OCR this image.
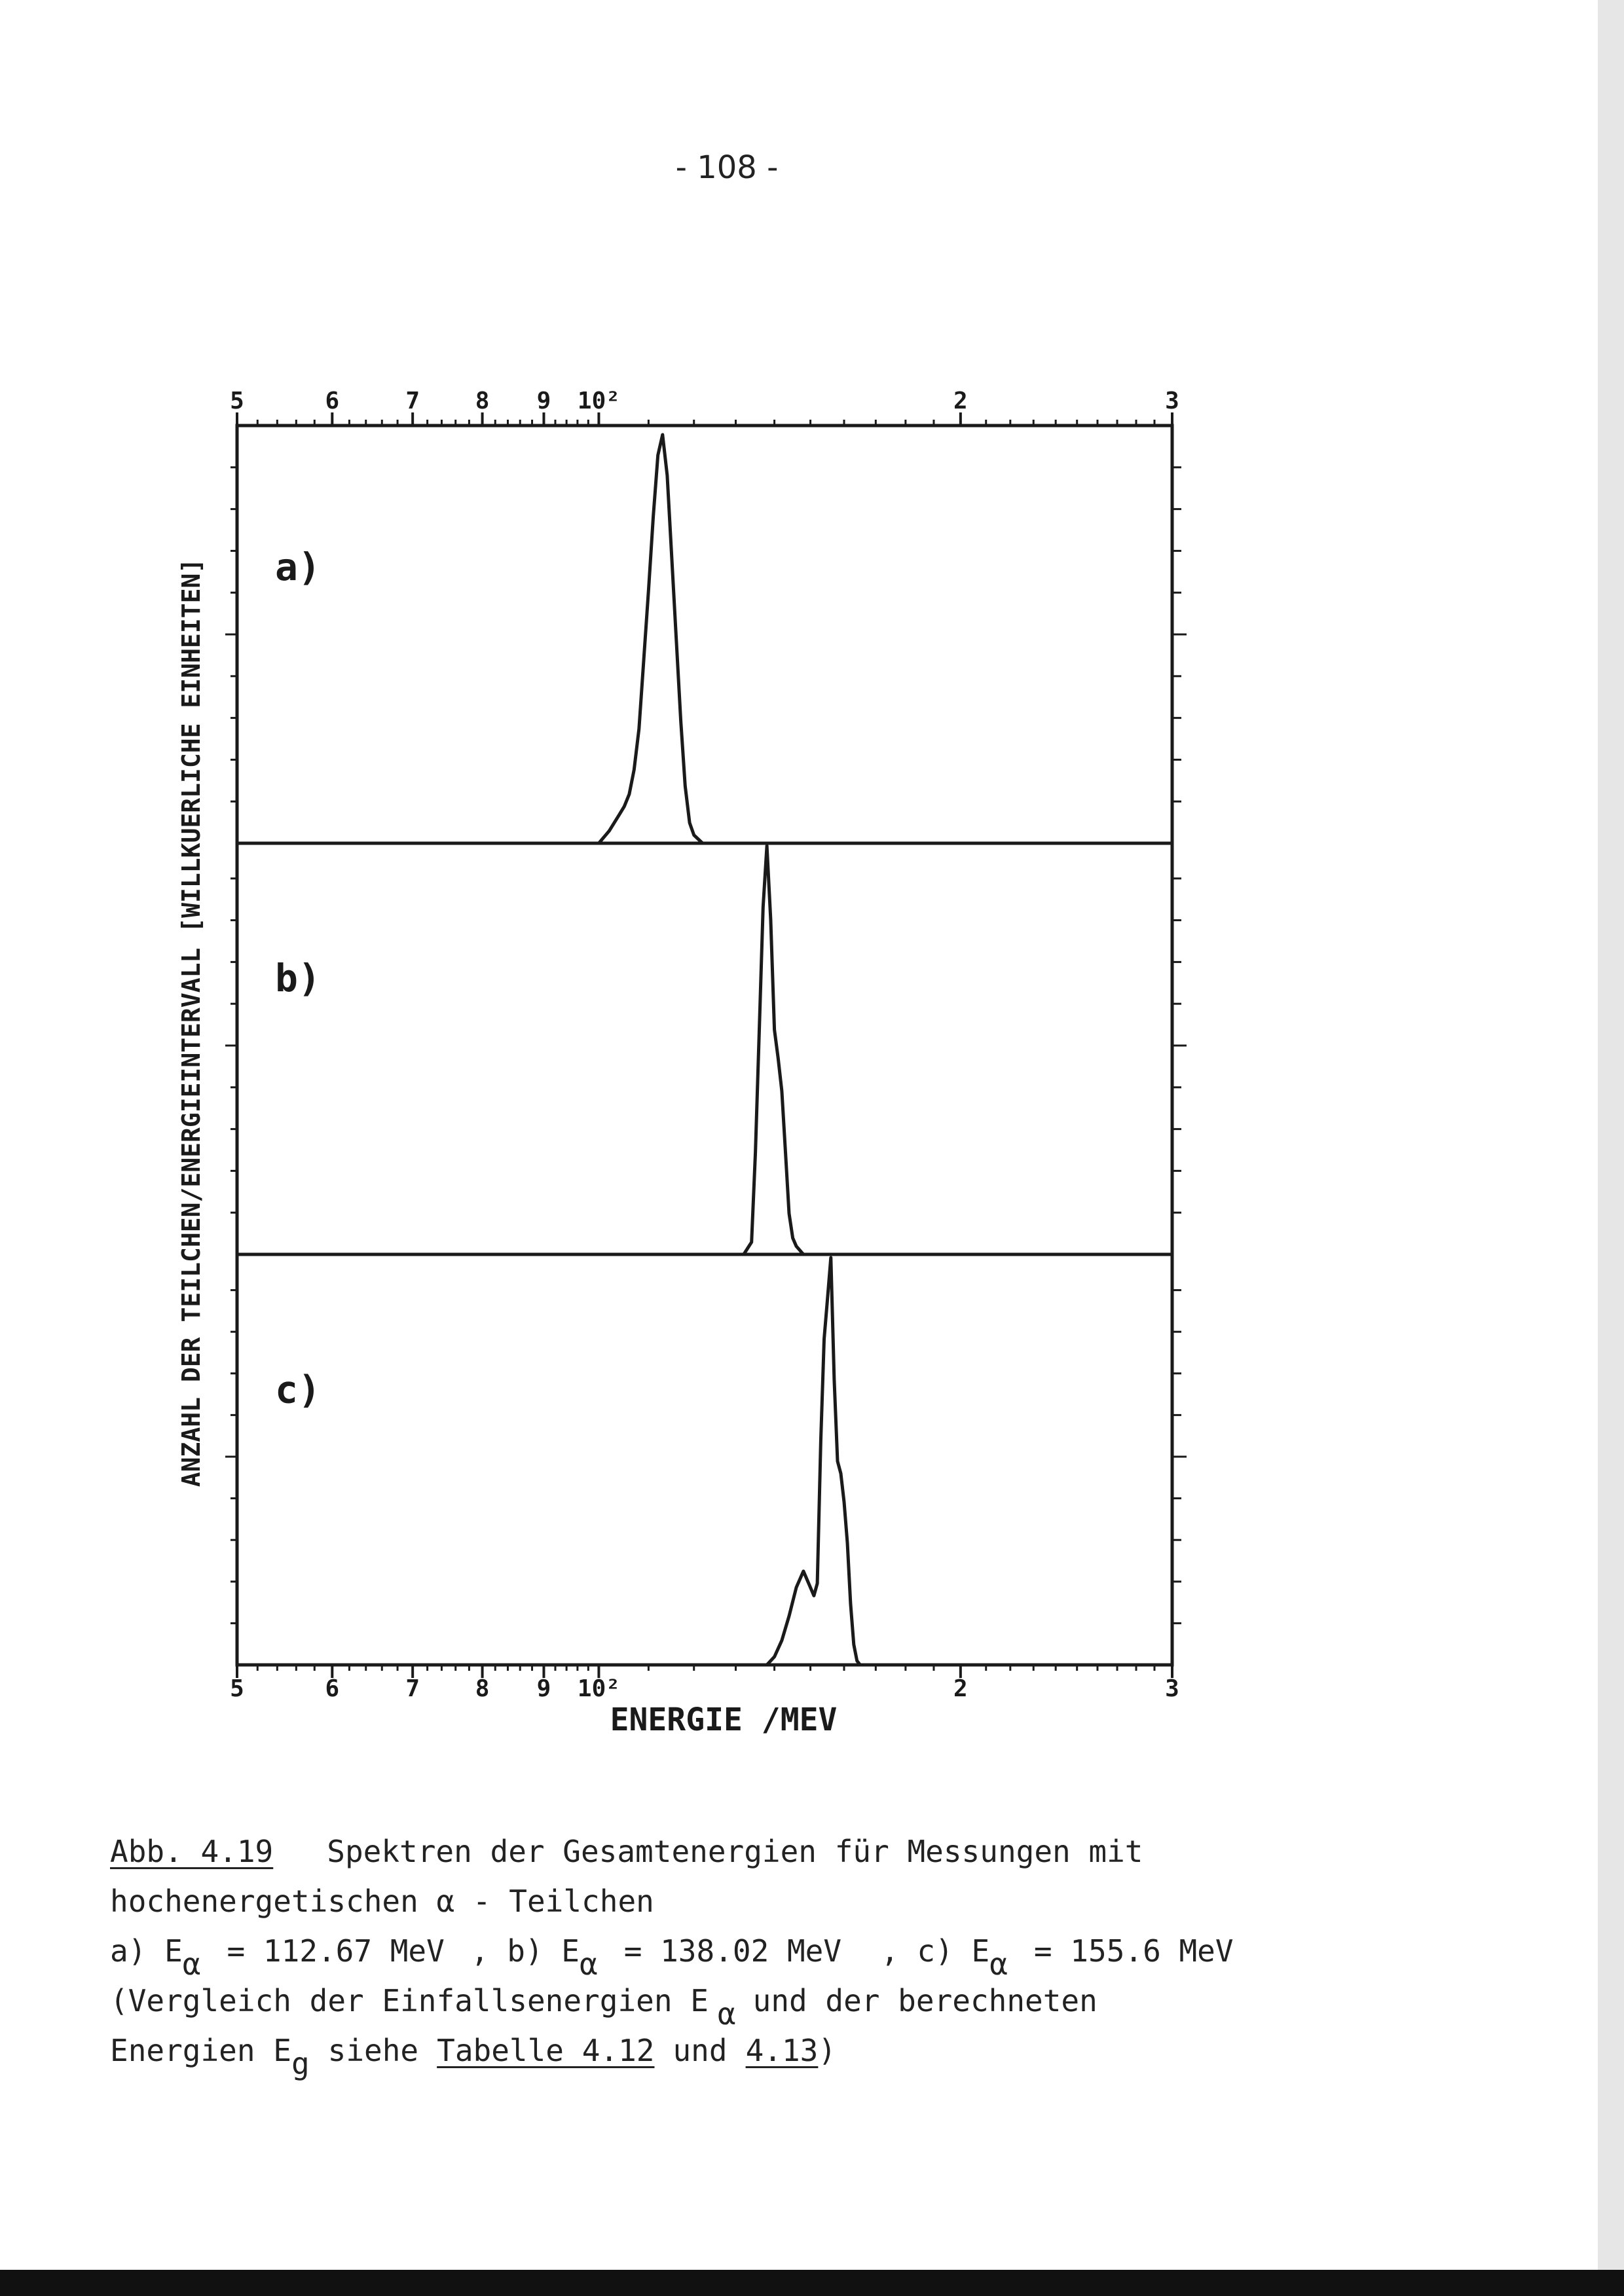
- 108 -
5	6	7 8 9 10²	2	3
5	6	7 8 9 10²	2	3
a)
b)
c)
ANZAHL DER TEILCHEN/ENERGIEINTERVALL [WILLKUERLICHE EINHEITEN]
ENERGIE /MEV
Abb. 4.19 Spektren der Gesamtenergien für Messungen mit
hochenergetischen α - Teilchen
a) Eα = 112.67 MeV , b) Eα = 138.02 MeV , c) Eα = 155.6 MeV
(Vergleich der Einfallsenergien E α und der berechneten
Energien Eg siehe Tabelle 4.12 und 4.13)
